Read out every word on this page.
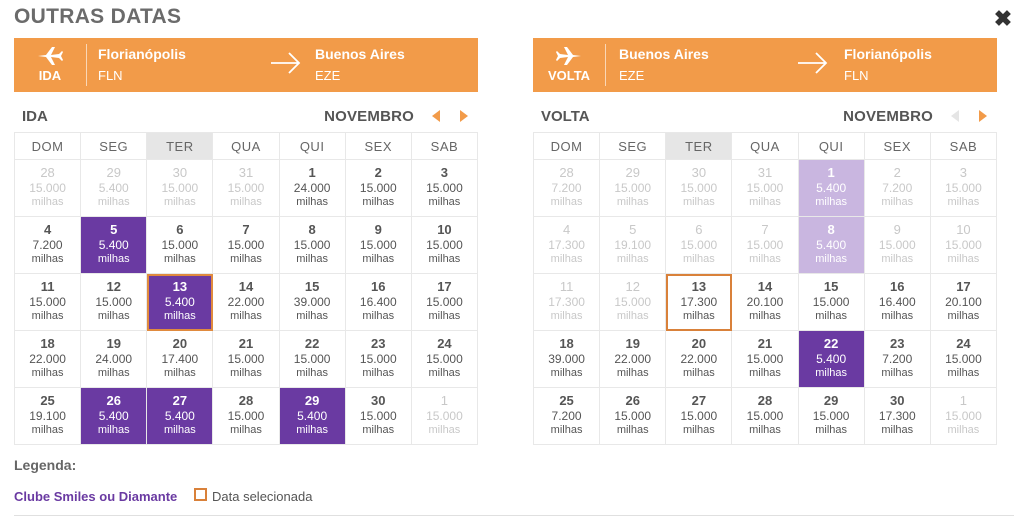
OUTRAS DATAS	✖
IDA
Florianópolis
FLN
Buenos Aires
EZE
IDA	NOVEMBRO
DOM	SEG	TER	QUA	QUI	SEX	SAB

28
15.000
milhas	29
5.400
milhas	30
15.000
milhas	31
15.000
milhas	1
24.000
milhas	2
15.000
milhas	3
15.000
milhas

4
7.200
milhas	5
5.400
milhas	6
15.000
milhas	7
15.000
milhas	8
15.000
milhas	9
15.000
milhas	10
15.000
milhas

11
15.000
milhas	12
15.000
milhas	13
5.400
milhas	14
22.000
milhas	15
39.000
milhas	16
16.400
milhas	17
15.000
milhas

18
22.000
milhas	19
24.000
milhas	20
17.400
milhas	21
15.000
milhas	22
15.000
milhas	23
15.000
milhas	24
15.000
milhas

25
19.100
milhas	26
5.400
milhas	27
5.400
milhas	28
15.000
milhas	29
5.400
milhas	30
15.000
milhas	1
15.000
milhas
VOLTA
Buenos Aires
EZE
Florianópolis
FLN
VOLTA	NOVEMBRO
DOM	SEG	TER	QUA	QUI	SEX	SAB

28
7.200
milhas	29
15.000
milhas	30
15.000
milhas	31
15.000
milhas	1
5.400
milhas	2
7.200
milhas	3
15.000
milhas

4
17.300
milhas	5
19.100
milhas	6
15.000
milhas	7
15.000
milhas	8
5.400
milhas	9
15.000
milhas	10
15.000
milhas

11
17.300
milhas	12
15.000
milhas	13
17.300
milhas	14
20.100
milhas	15
15.000
milhas	16
16.400
milhas	17
20.100
milhas

18
39.000
milhas	19
22.000
milhas	20
22.000
milhas	21
15.000
milhas	22
5.400
milhas	23
7.200
milhas	24
15.000
milhas

25
7.200
milhas	26
15.000
milhas	27
15.000
milhas	28
15.000
milhas	29
15.000
milhas	30
17.300
milhas	1
15.000
milhas
Legenda:
Clube Smiles ou Diamante	Data selecionada
